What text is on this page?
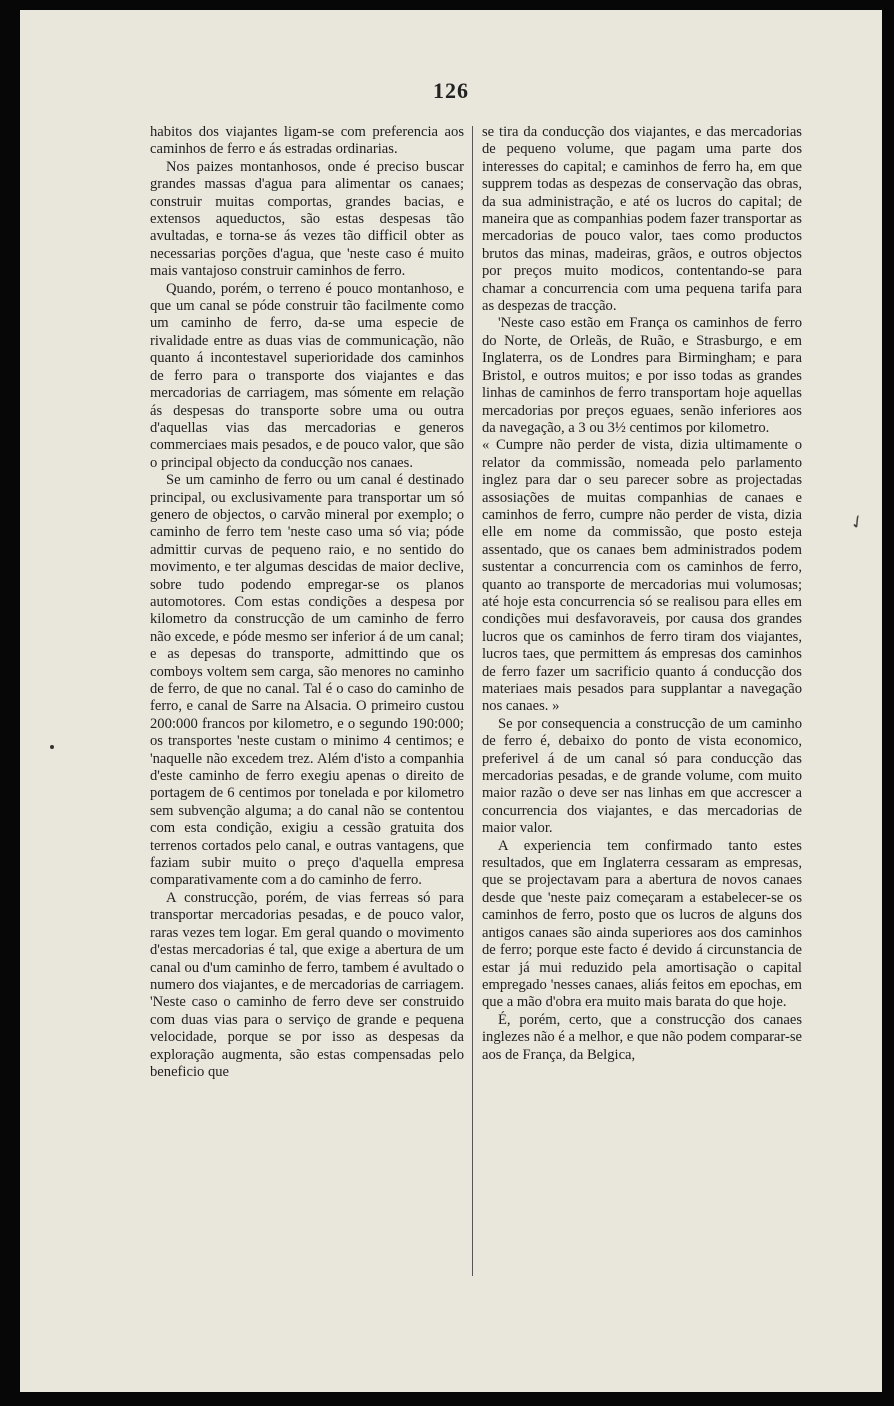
126

habitos dos viajantes ligam-se com preferencia aos caminhos de ferro e ás estradas ordinarias.

Nos paizes montanhosos, onde é preciso buscar grandes massas d'agua para alimentar os canaes; construir muitas comportas, grandes bacias, e extensos aqueductos, são estas despesas tão avultadas, e torna-se ás vezes tão difficil obter as necessarias porções d'agua, que 'neste caso é muito mais vantajoso construir caminhos de ferro.

Quando, porém, o terreno é pouco montanhoso, e que um canal se póde construir tão facilmente como um caminho de ferro, da-se uma especie de rivalidade entre as duas vias de communicação, não quanto á incontestavel superioridade dos caminhos de ferro para o transporte dos viajantes e das mercadorias de carriagem, mas sómente em relação ás despesas do transporte sobre uma ou outra d'aquellas vias das mercadorias e generos commerciaes mais pesados, e de pouco valor, que são o principal objecto da conducção nos canaes.

Se um caminho de ferro ou um canal é destinado principal, ou exclusivamente para transportar um só genero de objectos, o carvão mineral por exemplo; o caminho de ferro tem 'neste caso uma só via; póde admittir curvas de pequeno raio, e no sentido do movimento, e ter algumas descidas de maior declive, sobre tudo podendo empregar-se os planos automotores. Com estas condições a despesa por kilometro da construcção de um caminho de ferro não excede, e póde mesmo ser inferior á de um canal; e as depesas do transporte, admittindo que os comboys voltem sem carga, são menores no caminho de ferro, de que no canal. Tal é o caso do caminho de ferro, e canal de Sarre na Alsacia. O primeiro custou 200:000 francos por kilometro, e o segundo 190:000; os transportes 'neste custam o minimo 4 centimos; e 'naquelle não excedem trez. Além d'isto a companhia d'este caminho de ferro exegiu apenas o direito de portagem de 6 centimos por tonelada e por kilometro sem subvenção alguma; a do canal não se contentou com esta condição, exigiu a cessão gratuita dos terrenos cortados pelo canal, e outras vantagens, que faziam subir muito o preço d'aquella empresa comparativamente com a do caminho de ferro.

A construcção, porém, de vias ferreas só para transportar mercadorias pesadas, e de pouco valor, raras vezes tem logar. Em geral quando o movimento d'estas mercadorias é tal, que exige a abertura de um canal ou d'um caminho de ferro, tambem é avultado o numero dos viajantes, e de mercadorias de carriagem. 'Neste caso o caminho de ferro deve ser construido com duas vias para o serviço de grande e pequena velocidade, porque se por isso as despesas da exploração augmenta, são estas compensadas pelo beneficio que

se tira da conducção dos viajantes, e das mercadorias de pequeno volume, que pagam uma parte dos interesses do capital; e caminhos de ferro ha, em que supprem todas as despezas de conservação das obras, da sua administração, e até os lucros do capital; de maneira que as companhias podem fazer transportar as mercadorias de pouco valor, taes como productos brutos das minas, madeiras, grãos, e outros objectos por preços muito modicos, contentando-se para chamar a concurrencia com uma pequena tarifa para as despezas de tracção.

'Neste caso estão em França os caminhos de ferro do Norte, de Orleãs, de Ruão, e Strasburgo, e em Inglaterra, os de Londres para Birmingham; e para Bristol, e outros muitos; e por isso todas as grandes linhas de caminhos de ferro transportam hoje aquellas mercadorias por preços eguaes, senão inferiores aos da navegação, a 3 ou 3½ centimos por kilometro.

« Cumpre não perder de vista, dizia ultimamente o relator da commissão, nomeada pelo parlamento inglez para dar o seu parecer sobre as projectadas assosiações de muitas companhias de canaes e caminhos de ferro, cumpre não perder de vista, dizia elle em nome da commissão, que posto esteja assentado, que os canaes bem administrados podem sustentar a concurrencia com os caminhos de ferro, quanto ao transporte de mercadorias mui volumosas; até hoje esta concurrencia só se realisou para elles em condições mui desfavoraveis, por causa dos grandes lucros que os caminhos de ferro tiram dos viajantes, lucros taes, que permittem ás empresas dos caminhos de ferro fazer um sacrificio quanto á conducção dos materiaes mais pesados para supplantar a navegação nos canaes. »

Se por consequencia a construcção de um caminho de ferro é, debaixo do ponto de vista economico, preferivel á de um canal só para conducção das mercadorias pesadas, e de grande volume, com muito maior razão o deve ser nas linhas em que accrescer a concurrencia dos viajantes, e das mercadorias de maior valor.

A experiencia tem confirmado tanto estes resultados, que em Inglaterra cessaram as empresas, que se projectavam para a abertura de novos canaes desde que 'neste paiz começaram a estabelecer-se os caminhos de ferro, posto que os lucros de alguns dos antigos canaes são ainda superiores aos dos caminhos de ferro; porque este facto é devido á circunstancia de estar já mui reduzido pela amortisação o capital empregado 'nesses canaes, aliás feitos em epochas, em que a mão d'obra era muito mais barata do que hoje.

É, porém, certo, que a construcção dos canaes inglezes não é a melhor, e que não podem comparar-se aos de França, da Belgica,

✓
